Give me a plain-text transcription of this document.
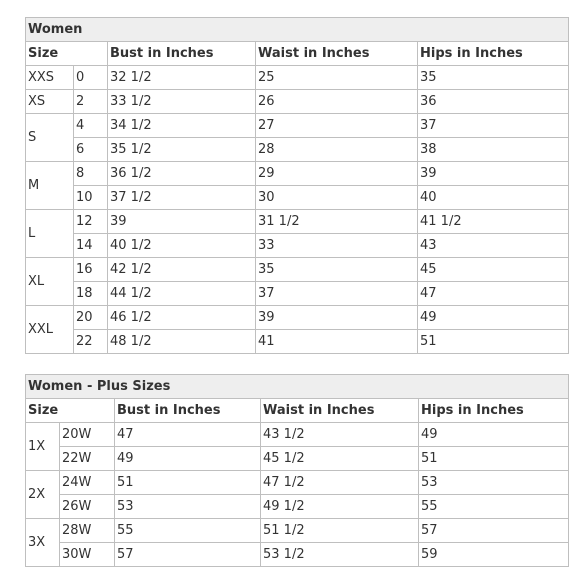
Women				
Size		Bust in Inches	Waist in Inches	Hips in Inches
XXS	0	32 1/2	25	35
XS	2	33 1/2	26	36
S	4	34 1/2	27	37
	6	35 1/2	28	38
M	8	36 1/2	29	39
	10	37 1/2	30	40
L	12	39	31 1/2	41 1/2
	14	40 1/2	33	43
XL	16	42 1/2	35	45
	18	44 1/2	37	47
XXL	20	46 1/2	39	49
	22	48 1/2	41	51
Women - Plus Sizes				
Size		Bust in Inches	Waist in Inches	Hips in Inches
1X	20W	47	43 1/2	49
	22W	49	45 1/2	51
2X	24W	51	47 1/2	53
	26W	53	49 1/2	55
3X	28W	55	51 1/2	57
	30W	57	53 1/2	59
